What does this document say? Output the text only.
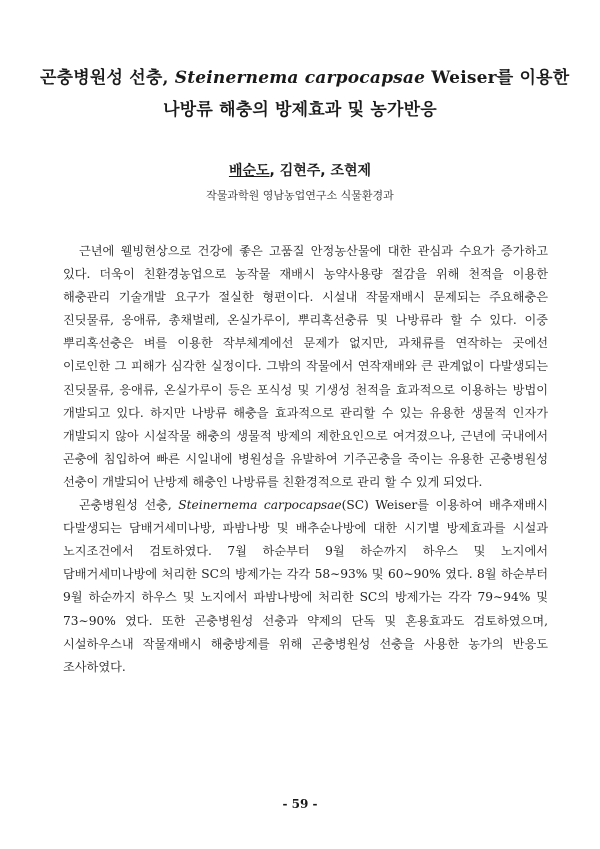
곤충병원성 선충, Steinernema carpocapsae Weiser를 이용한
나방류 해충의 방제효과 및 농가반응
배순도, 김현주, 조현제
작물과학원 영남농업연구소 식물환경과

근년에 웰빙현상으로 건강에 좋은 고품질 안정농산물에 대한 관심과 수요가 증가하고 있다. 더욱이 친환경농업으로 농작물 재배시 농약사용량 절감을 위해 천적을 이용한 해충관리 기술개발 요구가 절실한 형편이다. 시설내 작물재배시 문제되는 주요해충은 진딧물류, 응애류, 총채벌레, 온실가루이, 뿌리혹선충류 및 나방류라 할 수 있다. 이중 뿌리혹선충은 벼를 이용한 작부체계에선 문제가 없지만, 과채류를 연작하는 곳에선 이로인한 그 피해가 심각한 실정이다. 그밖의 작물에서 연작재배와 큰 관계없이 다발생되는 진딧물류, 응애류, 온실가루이 등은 포식성 및 기생성 천적을 효과적으로 이용하는 방법이 개발되고 있다. 하지만 나방류 해충을 효과적으로 관리할 수 있는 유용한 생물적 인자가 개발되지 않아 시설작물 해충의 생물적 방제의 제한요인으로 여겨졌으나, 근년에 국내에서 곤충에 침입하여 빠른 시일내에 병원성을 유발하여 기주곤충을 죽이는 유용한 곤충병원성 선충이 개발되어 난방제 해충인 나방류를 친환경적으로 관리 할 수 있게 되었다.

곤충병원성 선충, Steinernema carpocapsae(SC) Weiser를 이용하여 배추재배시 다발생되는 담배거세미나방, 파밤나방 및 배추순나방에 대한 시기별 방제효과를 시설과 노지조건에서 검토하였다. 7월 하순부터 9월 하순까지 하우스 및 노지에서 담배거세미나방에 처리한 SC의 방제가는 각각 58∼93% 및 60∼90% 였다. 8월 하순부터 9월 하순까지 하우스 및 노지에서 파밤나방에 처리한 SC의 방제가는 각각 79∼94% 및 73∼90% 였다. 또한 곤충병원성 선충과 약제의 단독 및 혼용효과도 검토하였으며, 시설하우스내 작물재배시 해충방제를 위해 곤충병원성 선충을 사용한 농가의 반응도 조사하였다.

- 59 -
